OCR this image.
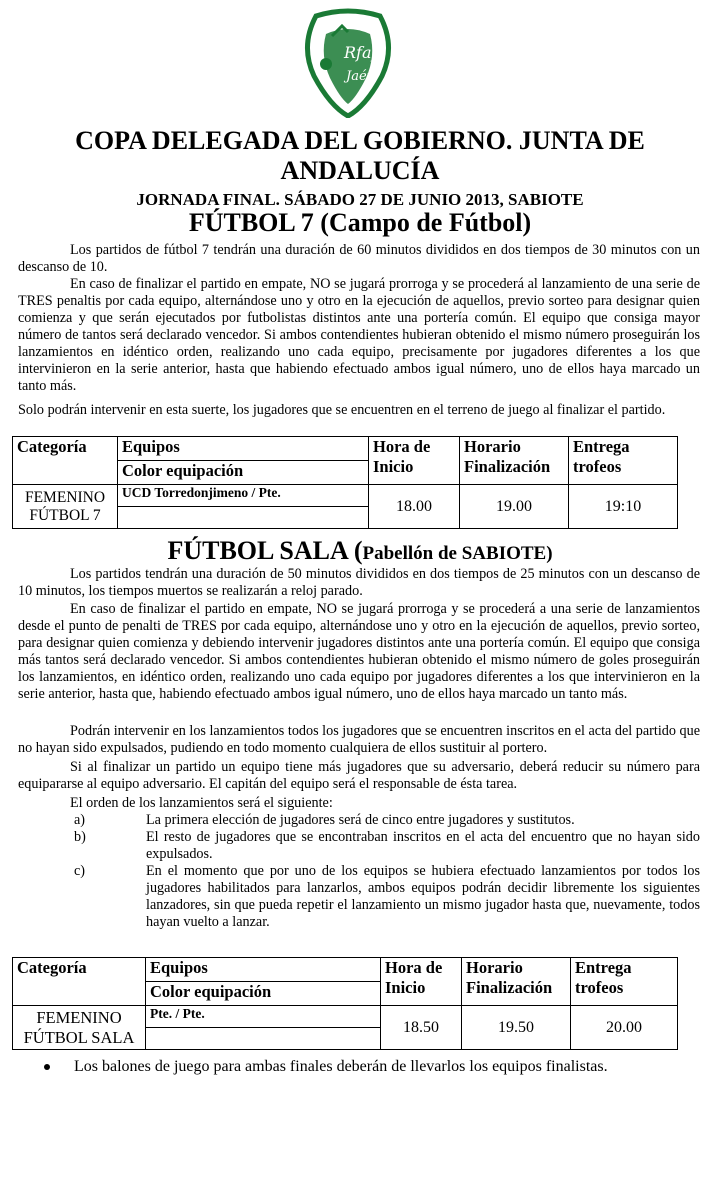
Rfaf
Jaén
COPA DELEGADA DEL GOBIERNO. JUNTA DE
ANDALUCÍA
JORNADA FINAL. SÁBADO 27 DE JUNIO 2013, SABIOTE
FÚTBOL 7 (Campo de Fútbol)

Los partidos de fútbol 7 tendrán una duración de 60 minutos divididos en dos tiempos de 30 minutos con un descanso de 10.

En caso de finalizar el partido en empate, NO se jugará prorroga y se procederá al lanzamiento de una serie de TRES penaltis por cada equipo, alternándose uno y otro en la ejecución de aquellos, previo sorteo para designar quien comienza y que serán ejecutados por futbolistas distintos ante una portería común. El equipo que consiga mayor número de tantos será declarado vencedor. Si ambos contendientes hubieran obtenido el mismo número proseguirán los lanzamientos en idéntico orden, realizando uno cada equipo, precisamente por jugadores diferentes a los que intervinieron en la serie anterior, hasta que habiendo efectuado ambos igual número, uno de ellos haya marcado un tanto más.

Solo podrán intervenir en esta suerte, los jugadores que se encuentren en el terreno de juego al finalizar el partido.

Categoría	Equipos	Hora de Inicio	Horario Finalización	Entrega trofeos
	Color equipación			
FEMENINO FÚTBOL 7	UCD Torredonjimeno / Pte.	18.00	19.00	19:10

FÚTBOL SALA (Pabellón de SABIOTE)

Los partidos tendrán una duración de 50 minutos divididos en dos tiempos de 25 minutos con un descanso de 10 minutos, los tiempos muertos se realizarán a reloj parado.

En caso de finalizar el partido en empate, NO se jugará prorroga y se procederá a una serie de lanzamientos desde el punto de penalti de TRES por cada equipo, alternándose uno y otro en la ejecución de aquellos, previo sorteo, para designar quien comienza y debiendo intervenir jugadores distintos ante una portería común. El equipo que consiga más tantos será declarado vencedor. Si ambos contendientes hubieran obtenido el mismo número de goles proseguirán los lanzamientos, en idéntico orden, realizando uno cada equipo por jugadores diferentes a los que intervinieron en la serie anterior, hasta que, habiendo efectuado ambos igual número, uno de ellos haya marcado un tanto más.

Podrán intervenir en los lanzamientos todos los jugadores que se encuentren inscritos en el acta del partido que no hayan sido expulsados, pudiendo en todo momento cualquiera de ellos sustituir al portero.

Si al finalizar un partido un equipo tiene más jugadores que su adversario, deberá reducir su número para equipararse al equipo adversario. El capitán del equipo será el responsable de ésta tarea.

El orden de los lanzamientos será el siguiente:

a)	La primera elección de jugadores será de cinco entre jugadores y sustitutos.
b)	El resto de jugadores que se encontraban inscritos en el acta del encuentro que no hayan sido expulsados.
c)	En el momento que por uno de los equipos se hubiera efectuado lanzamientos por todos los jugadores habilitados para lanzarlos, ambos equipos podrán decidir libremente los siguientes lanzadores, sin que pueda repetir el lanzamiento un mismo jugador hasta que, nuevamente, todos hayan vuelto a lanzar.
Categoría	Equipos	Hora de Inicio	Horario Finalización	Entrega trofeos
	Color equipación			
FEMENINO FÚTBOL SALA	Pte. / Pte.	18.50	19.50	20.00

Los balones de juego para ambas finales deberán de llevarlos los equipos finalistas.
